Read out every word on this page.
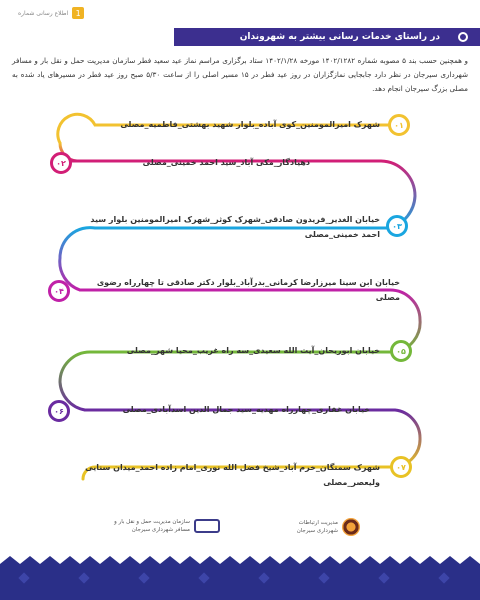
1
اطلاع رسانی شماره
در راستای خدمات رسانی بیشتر به شهروندان
و همچنین حسب بند ۵ مصوبه شماره ۱۴۰۲/۱۲۸۲ مورخه ۱۴۰۲/۱/۲۸ ستاد برگزاری مراسم نماز عید سعید فطر سازمان مدیریت حمل و نقل بار و مسافر شهرداری سیرجان در نظر دارد جابجایی نمازگزاران در روز عید فطر در ۱۵ مسیر اصلی را از ساعت ۵/۳۰ صبح روز عید فطر در مسیرهای یاد شده به مصلی بزرگ سیرجان انجام دهد.
۰۱
شهرک امیرالمومنین_کوی آباده_بلوار شهید بهشتی_فاطمیه_مصلی
۰۲	دهیادگار_مکی آباد_سید احمد خمینی_مصلی
۰۳
خیابان الغدیر_فریدون صادقی_شهرک کوثر_شهرک امیرالمومنین بلوار سید احمد خمینی_مصلی
۰۴
خیابان ابن سینا میرزارضا کرمانی_بدرآباد_بلوار دکتر صادقی تا چهارراه رضوی مصلی
۰۵
خیابان ابوریحان_آیت الله سعیدی_سه راه غریب_محیا شهر_مصلی
۰۶	خیابان غفاری_چهارراه مهدیه_سید جمال الدین اسدآبادی_مصلی
۰۷
شهرک سمنگان_خرم آباد_شیخ فضل الله نوری_امام زاده احمد_میدان سنایی ولیعصر_مصلی
مدیریت ارتباطات شهرداری سیرجان
سازمان مدیریت حمل و نقل بار و مسافر شهرداری سیرجان
